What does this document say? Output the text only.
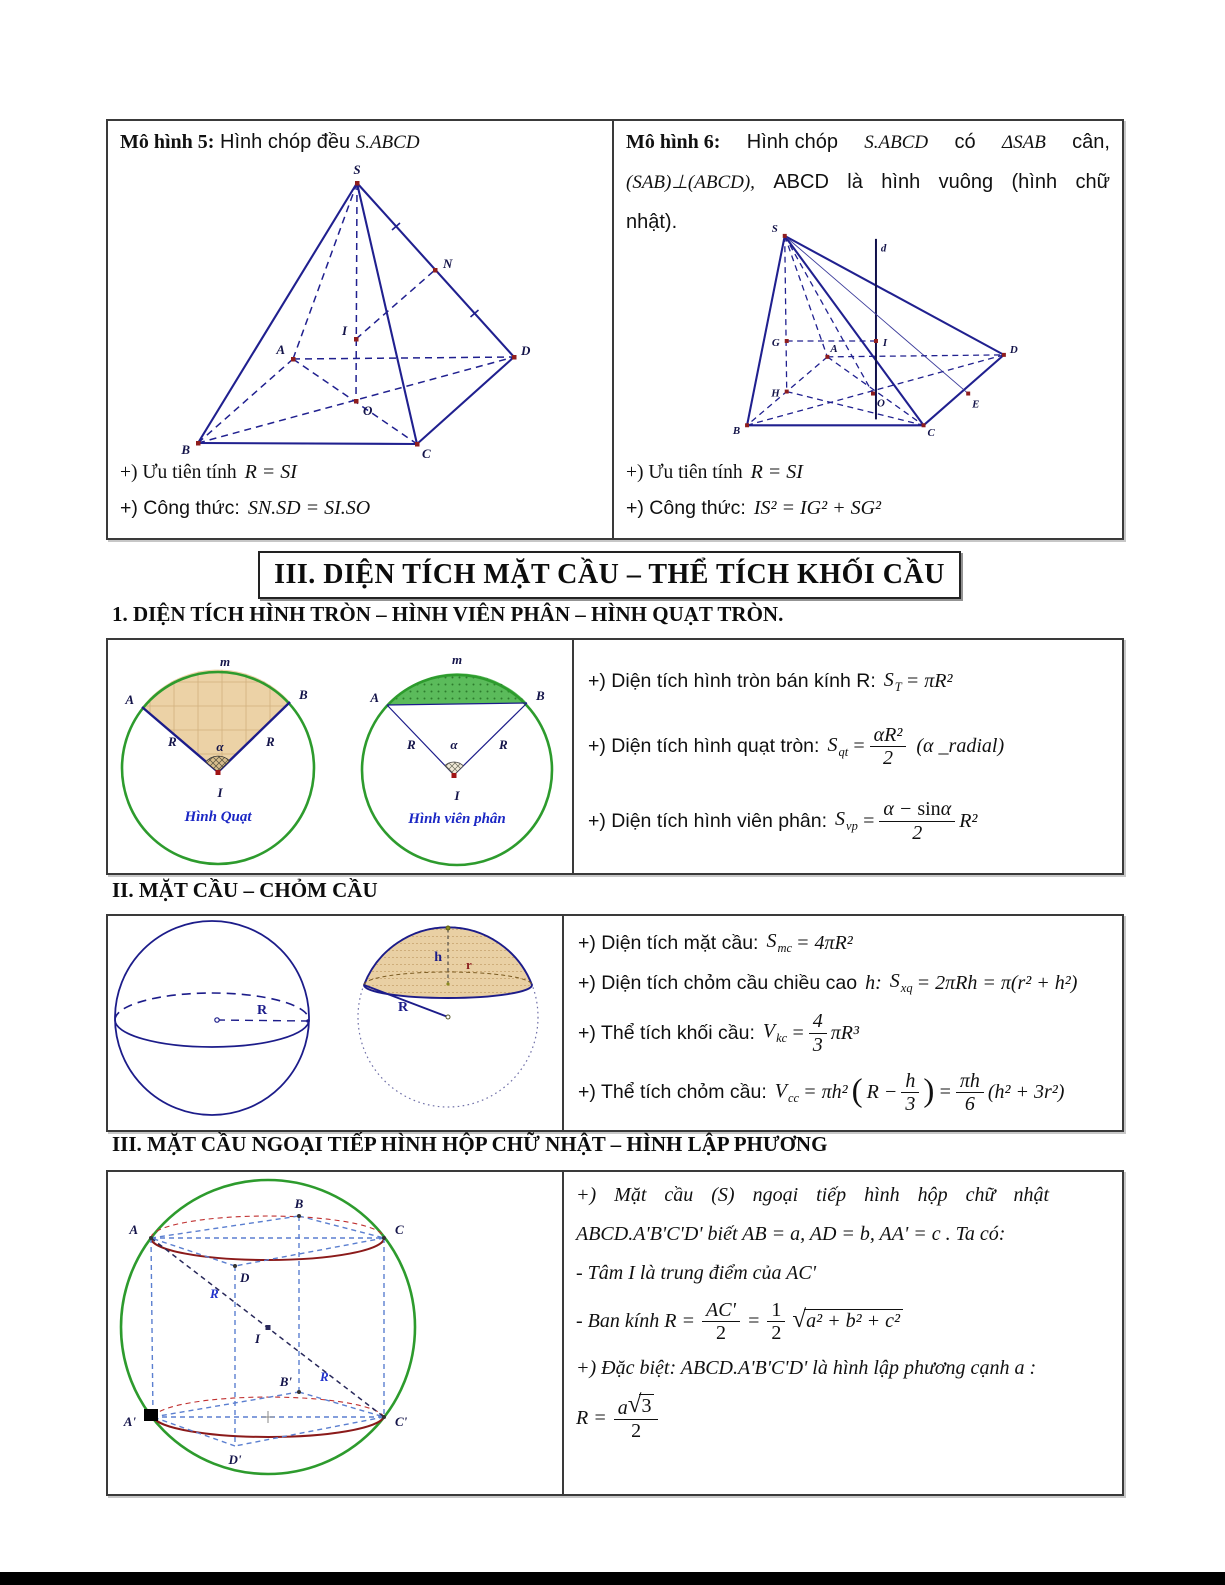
Mô hình 5: Hình chóp đều S.ABCD
S
N
I
A	D
O
B	C
+) Ưu tiên tính R = SI
+) Công thức: SN.SD = SI.SO
Mô hình 6: Hình chóp S.ABCD có ΔSAB cân,
(SAB)⊥(ABCD), ABCD là hình vuông (hình chữ
nhật).	S
d
G	I
A
H
O
B	C
D
E
+) Ưu tiên tính R = SI
+) Công thức: IS² = IG² + SG²
III. DIỆN TÍCH MẶT CẦU – THỂ TÍCH KHỐI CẦU
1. DIỆN TÍCH HÌNH TRÒN – HÌNH VIÊN PHÂN – HÌNH QUẠT TRÒN.
m
A	B
R	R
α
I
Hình Quạt
m
A	B
R	R
α
I
Hình viên phân
+) Diện tích hình tròn bán kính R: $S_T = \pi R^2$
+) Diện tích hình quạt tròn: $S_{qt} = \frac{\text{αR²}}{2} (\alpha$ _radial)
+) Diện tích hình viên phân: $S_{vp} = \frac{\alpha - \sin\alpha}{2} R^2$
II. MẶT CẦU – CHỎM CẦU
R
h r
R
+) Diện tích mặt cầu: $S_{mc} = 4\pi R^2$
+) Diện tích chỏm cầu chiều cao h: $S_{xq} = 2\pi Rh = \pi(r^2 + h^2)$
+) Thể tích khối cầu: $V_{kc} = \frac{4}{3} \pi R^3$
+) Thể tích chỏm cầu: $V_{cc} = \pi h^2$ ( $R - \frac{h}{3}$ ) = $\frac{\pi h}{6} (h^2 + 3r^2)$
III. MẶT CẦU NGOẠI TIẾP HÌNH HỘP CHỮ NHẬT – HÌNH LẬP PHƯƠNG
B
A	C
D
R
I
R
B'
A'	C'
D'
+) Mặt cầu (S) ngoại tiếp hình hộp chữ nhật
ABCD.A'B'C'D' biết AB = a, AD = b, AA' = c . Ta có:
- Tâm I là trung điểm của AC'
- Ban kính $R = \frac{AC'}{2} = \frac{1}{2}$ √ a² + b² + c²
+) Đặc biệt: ABCD.A'B'C'D' là hình lập phương cạnh a :
$R = \frac{a √ 3}{2}$
